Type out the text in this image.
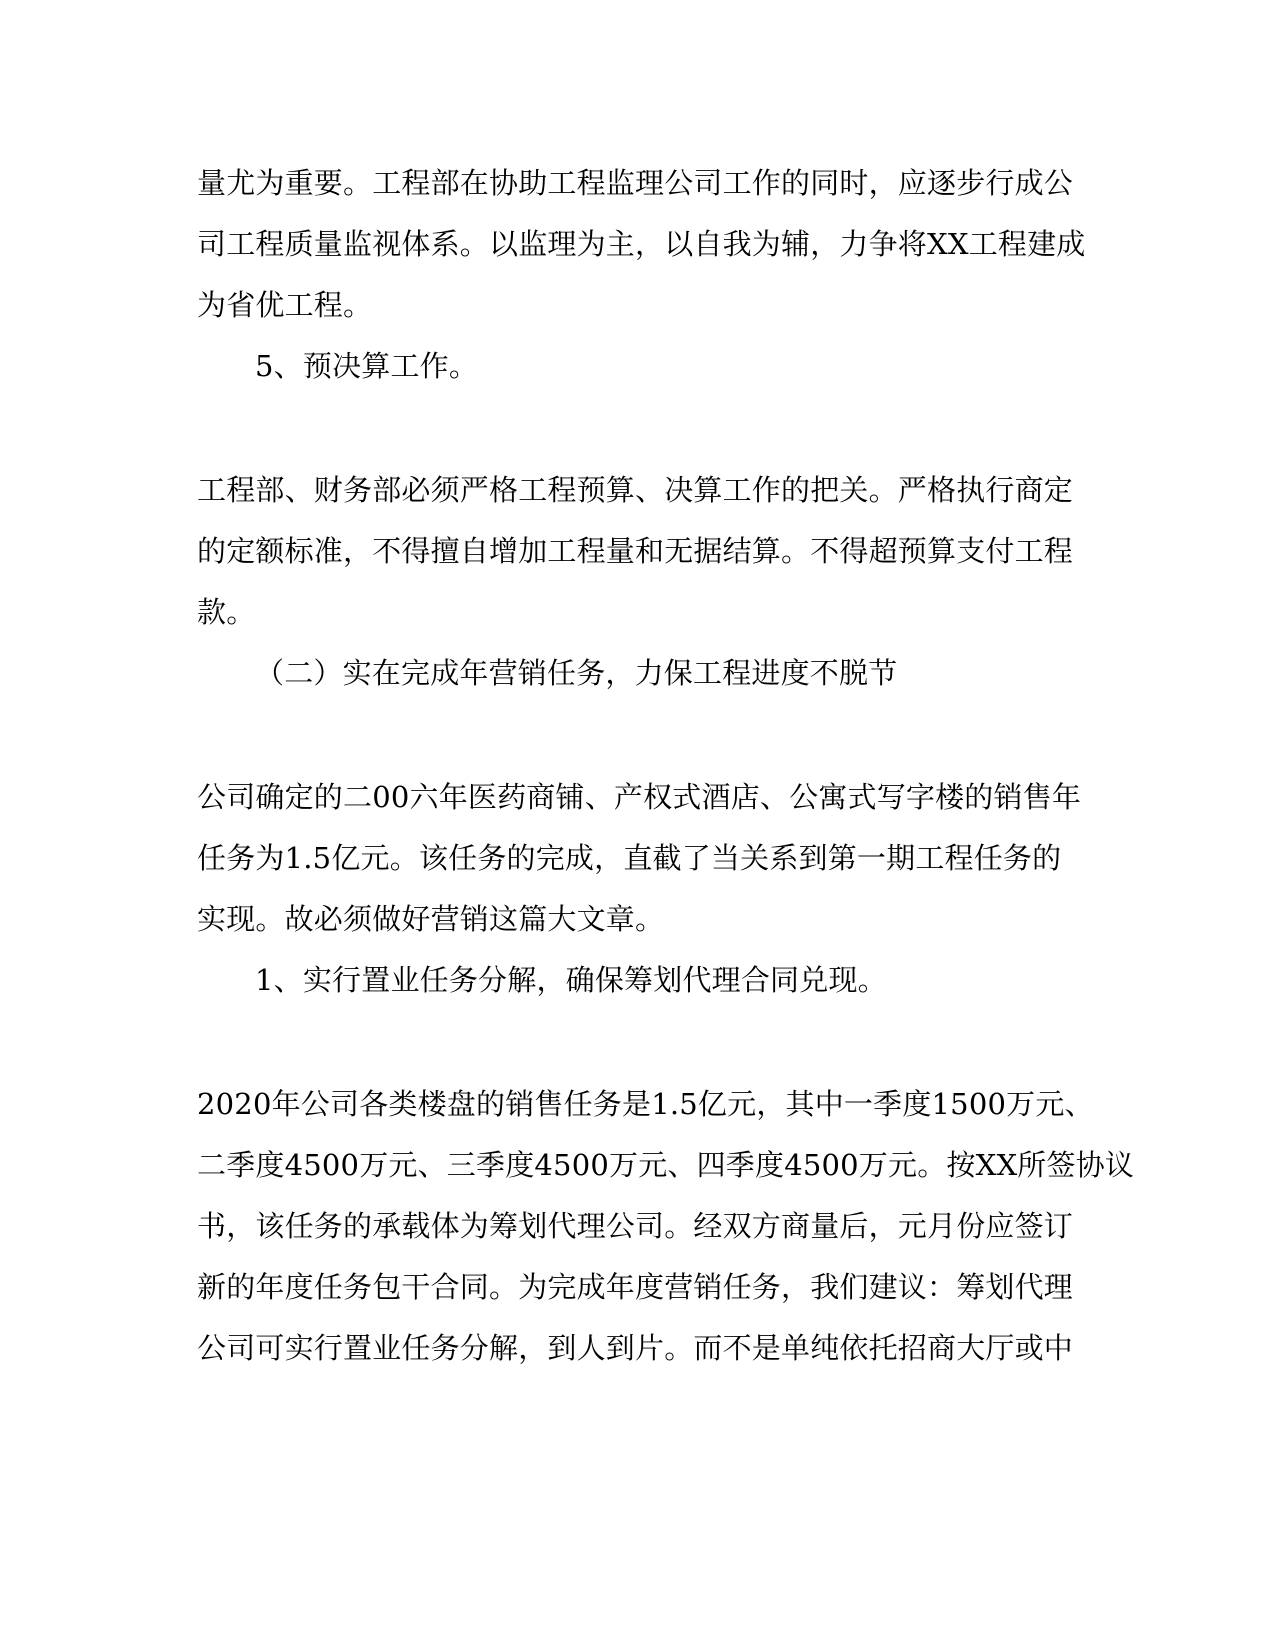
量尤为重要。工程部在协助工程监理公司工作的同时，应逐步行成公
司工程质量监视体系。以监理为主，以自我为辅，力争将XX工程建成
为省优工程。
5、预决算工作。
工程部、财务部必须严格工程预算、决算工作的把关。严格执行商定
的定额标准，不得擅自增加工程量和无据结算。不得超预算支付工程
款。
（二）实在完成年营销任务，力保工程进度不脱节
公司确定的二00六年医药商铺、产权式酒店、公寓式写字楼的销售年
任务为1.5亿元。该任务的完成，直截了当关系到第一期工程任务的
实现。故必须做好营销这篇大文章。
1、实行置业任务分解，确保筹划代理合同兑现。
2020年公司各类楼盘的销售任务是1.5亿元，其中一季度1500万元、
二季度4500万元、三季度4500万元、四季度4500万元。按XX所签协议
书，该任务的承载体为筹划代理公司。经双方商量后，元月份应签订
新的年度任务包干合同。为完成年度营销任务，我们建议：筹划代理
公司可实行置业任务分解，到人到片。而不是单纯依托招商大厅或中
